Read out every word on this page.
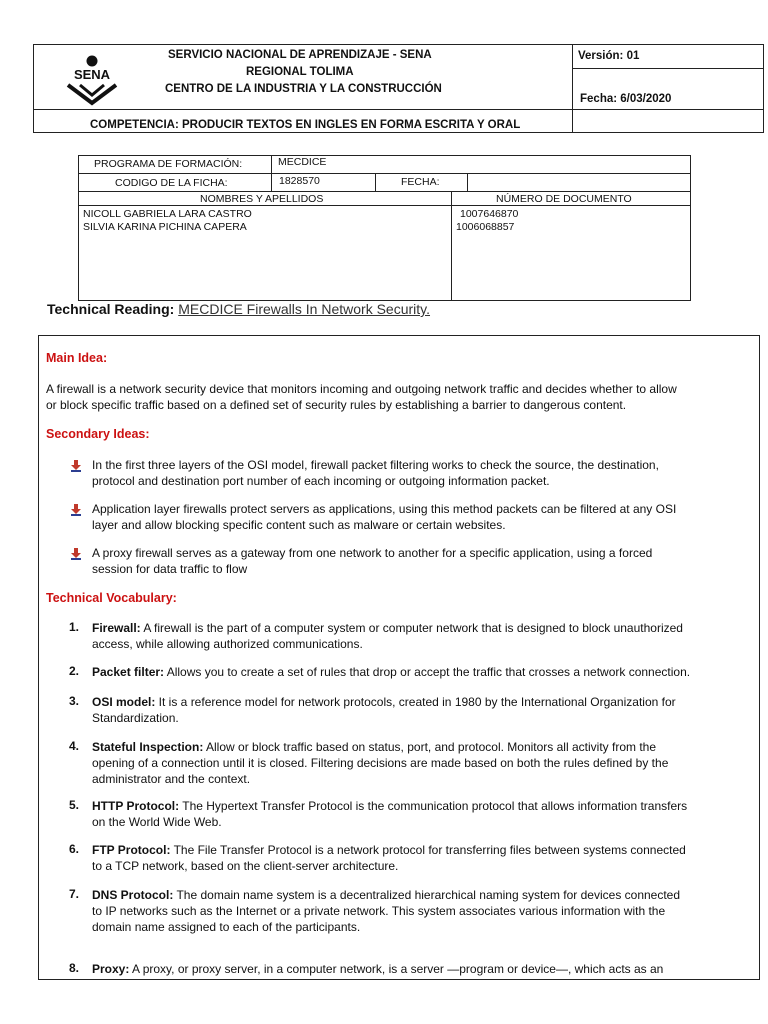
SENA
SERVICIO NACIONAL DE APRENDIZAJE - SENA
REGIONAL TOLIMA
CENTRO DE LA INDUSTRIA Y LA CONSTRUCCIÓN
COMPETENCIA: PRODUCIR TEXTOS EN INGLES EN FORMA ESCRITA Y ORAL
Versión: 01
Fecha: 6/03/2020
PROGRAMA DE FORMACIÓN:	MECDICE
CODIGO DE LA FICHA:	1828570	FECHA:
NOMBRES Y APELLIDOS	NÚMERO DE DOCUMENTO
NICOLL GABRIELA LARA CASTRO	1007646870
SILVIA KARINA PICHINA CAPERA	1006068857
Technical Reading: MECDICE Firewalls In Network Security.
Main Idea:
A firewall is a network security device that monitors incoming and outgoing network traffic and decides whether to allow
or block specific traffic based on a defined set of security rules by establishing a barrier to dangerous content.
Secondary Ideas:
In the first three layers of the OSI model, firewall packet filtering works to check the source, the destination,
protocol and destination port number of each incoming or outgoing information packet.
Application layer firewalls protect servers as applications, using this method packets can be filtered at any OSI
layer and allow blocking specific content such as malware or certain websites.
A proxy firewall serves as a gateway from one network to another for a specific application, using a forced
session for data traffic to flow
Technical Vocabulary:
1. Firewall: A firewall is the part of a computer system or computer network that is designed to block unauthorized
access, while allowing authorized communications.
2. Packet filter: Allows you to create a set of rules that drop or accept the traffic that crosses a network connection.
3. OSI model: It is a reference model for network protocols, created in 1980 by the International Organization for
Standardization.
4. Stateful Inspection: Allow or block traffic based on status, port, and protocol. Monitors all activity from the
opening of a connection until it is closed. Filtering decisions are made based on both the rules defined by the
administrator and the context.
5. HTTP Protocol: The Hypertext Transfer Protocol is the communication protocol that allows information transfers
on the World Wide Web.
6. FTP Protocol: The File Transfer Protocol is a network protocol for transferring files between systems connected
to a TCP network, based on the client-server architecture.
7. DNS Protocol: The domain name system is a decentralized hierarchical naming system for devices connected
to IP networks such as the Internet or a private network. This system associates various information with the
domain name assigned to each of the participants.
8. Proxy: A proxy, or proxy server, in a computer network, is a server —program or device—, which acts as an
